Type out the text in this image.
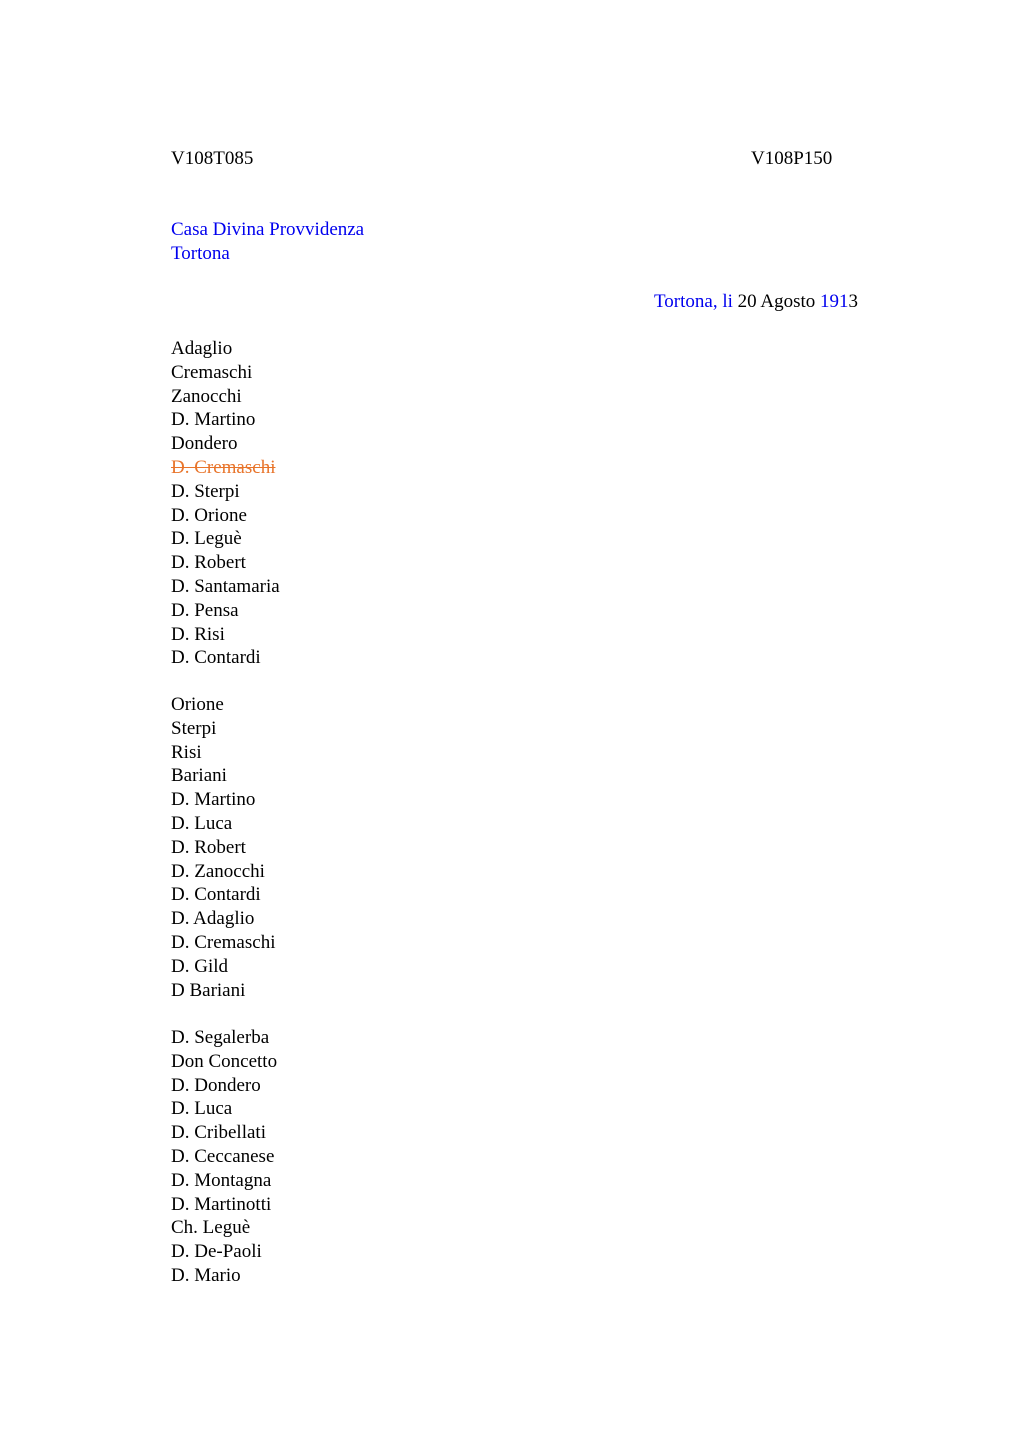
V108T085	V108P150
Casa Divina Provvidenza
Tortona
Tortona, li 20 Agosto 1913
Adaglio
Cremaschi
Zanocchi
D. Martino
Dondero
D. Cremaschi
D. Sterpi
D. Orione
D. Leguè
D. Robert
D. Santamaria
D. Pensa
D. Risi
D. Contardi
Orione
Sterpi
Risi
Bariani
D. Martino
D. Luca
D. Robert
D. Zanocchi
D. Contardi
D. Adaglio
D. Cremaschi
D. Gild
D Bariani
D. Segalerba
Don Concetto
D. Dondero
D. Luca
D. Cribellati
D. Ceccanese
D. Montagna
D. Martinotti
Ch. Leguè
D. De-Paoli
D. Mario
